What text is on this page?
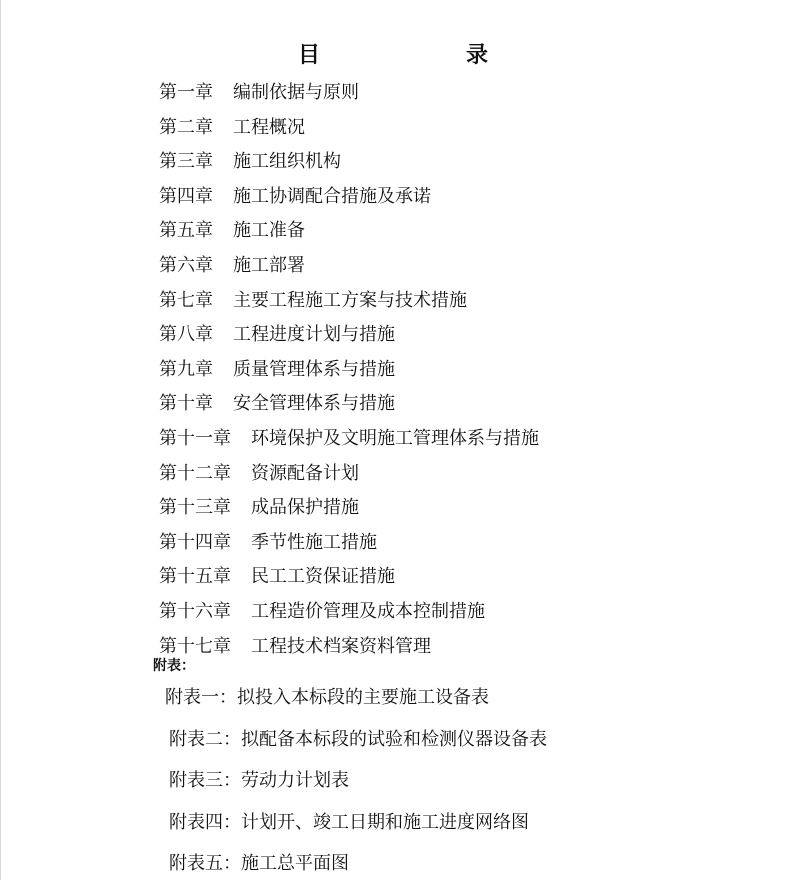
目　　录
第一章 编制依据与原则
第二章 工程概况
第三章 施工组织机构
第四章 施工协调配合措施及承诺
第五章 施工准备
第六章 施工部署
第七章 主要工程施工方案与技术措施
第八章 工程进度计划与措施
第九章 质量管理体系与措施
第十章 安全管理体系与措施
第十一章 环境保护及文明施工管理体系与措施
第十二章 资源配备计划
第十三章 成品保护措施
第十四章 季节性施工措施
第十五章 民工工资保证措施
第十六章 工程造价管理及成本控制措施
第十七章 工程技术档案资料管理
附表：
附表一：拟投入本标段的主要施工设备表
附表二：拟配备本标段的试验和检测仪器设备表
附表三：劳动力计划表
附表四：计划开、竣工日期和施工进度网络图
附表五：施工总平面图
